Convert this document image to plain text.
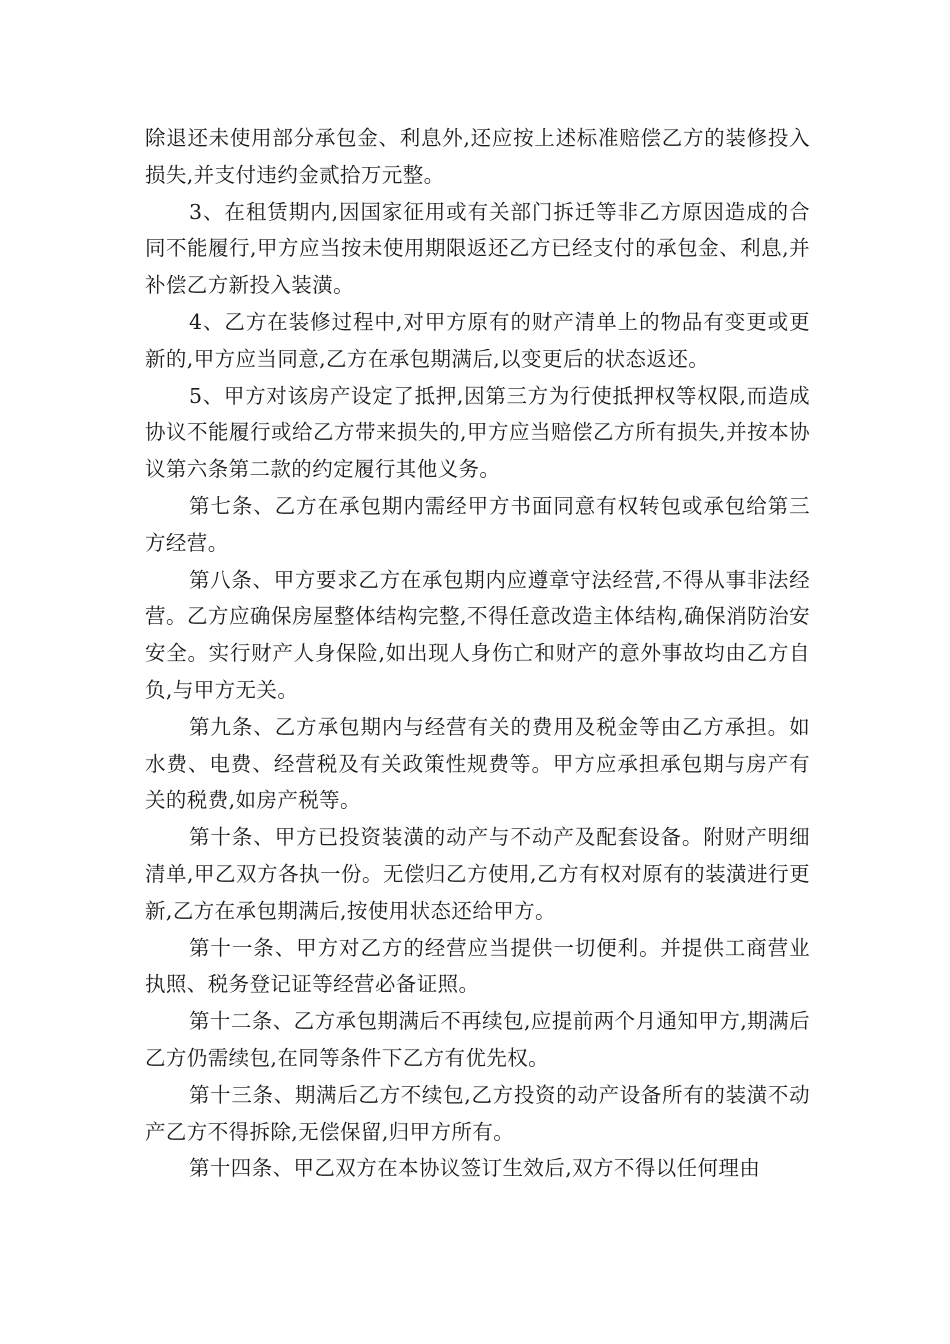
除退还未使用部分承包金、利息外,还应按上述标准赔偿乙方的装修投入损失,并支付违约金贰拾万元整。

3、在租赁期内,因国家征用或有关部门拆迁等非乙方原因造成的合同不能履行,甲方应当按未使用期限返还乙方已经支付的承包金、利息,并补偿乙方新投入装潢。

4、乙方在装修过程中,对甲方原有的财产清单上的物品有变更或更新的,甲方应当同意,乙方在承包期满后,以变更后的状态返还。

5、甲方对该房产设定了抵押,因第三方为行使抵押权等权限,而造成协议不能履行或给乙方带来损失的,甲方应当赔偿乙方所有损失,并按本协议第六条第二款的约定履行其他义务。

第七条、乙方在承包期内需经甲方书面同意有权转包或承包给第三方经营。

第八条、甲方要求乙方在承包期内应遵章守法经营,不得从事非法经营。乙方应确保房屋整体结构完整,不得任意改造主体结构,确保消防治安安全。实行财产人身保险,如出现人身伤亡和财产的意外事故均由乙方自负,与甲方无关。

第九条、乙方承包期内与经营有关的费用及税金等由乙方承担。如水费、电费、经营税及有关政策性规费等。甲方应承担承包期与房产有关的税费,如房产税等。

第十条、甲方已投资装潢的动产与不动产及配套设备。附财产明细清单,甲乙双方各执一份。无偿归乙方使用,乙方有权对原有的装潢进行更新,乙方在承包期满后,按使用状态还给甲方。

第十一条、甲方对乙方的经营应当提供一切便利。并提供工商营业执照、税务登记证等经营必备证照。

第十二条、乙方承包期满后不再续包,应提前两个月通知甲方,期满后乙方仍需续包,在同等条件下乙方有优先权。

第十三条、期满后乙方不续包,乙方投资的动产设备所有的装潢不动产乙方不得拆除,无偿保留,归甲方所有。

第十四条、甲乙双方在本协议签订生效后,双方不得以任何理由
